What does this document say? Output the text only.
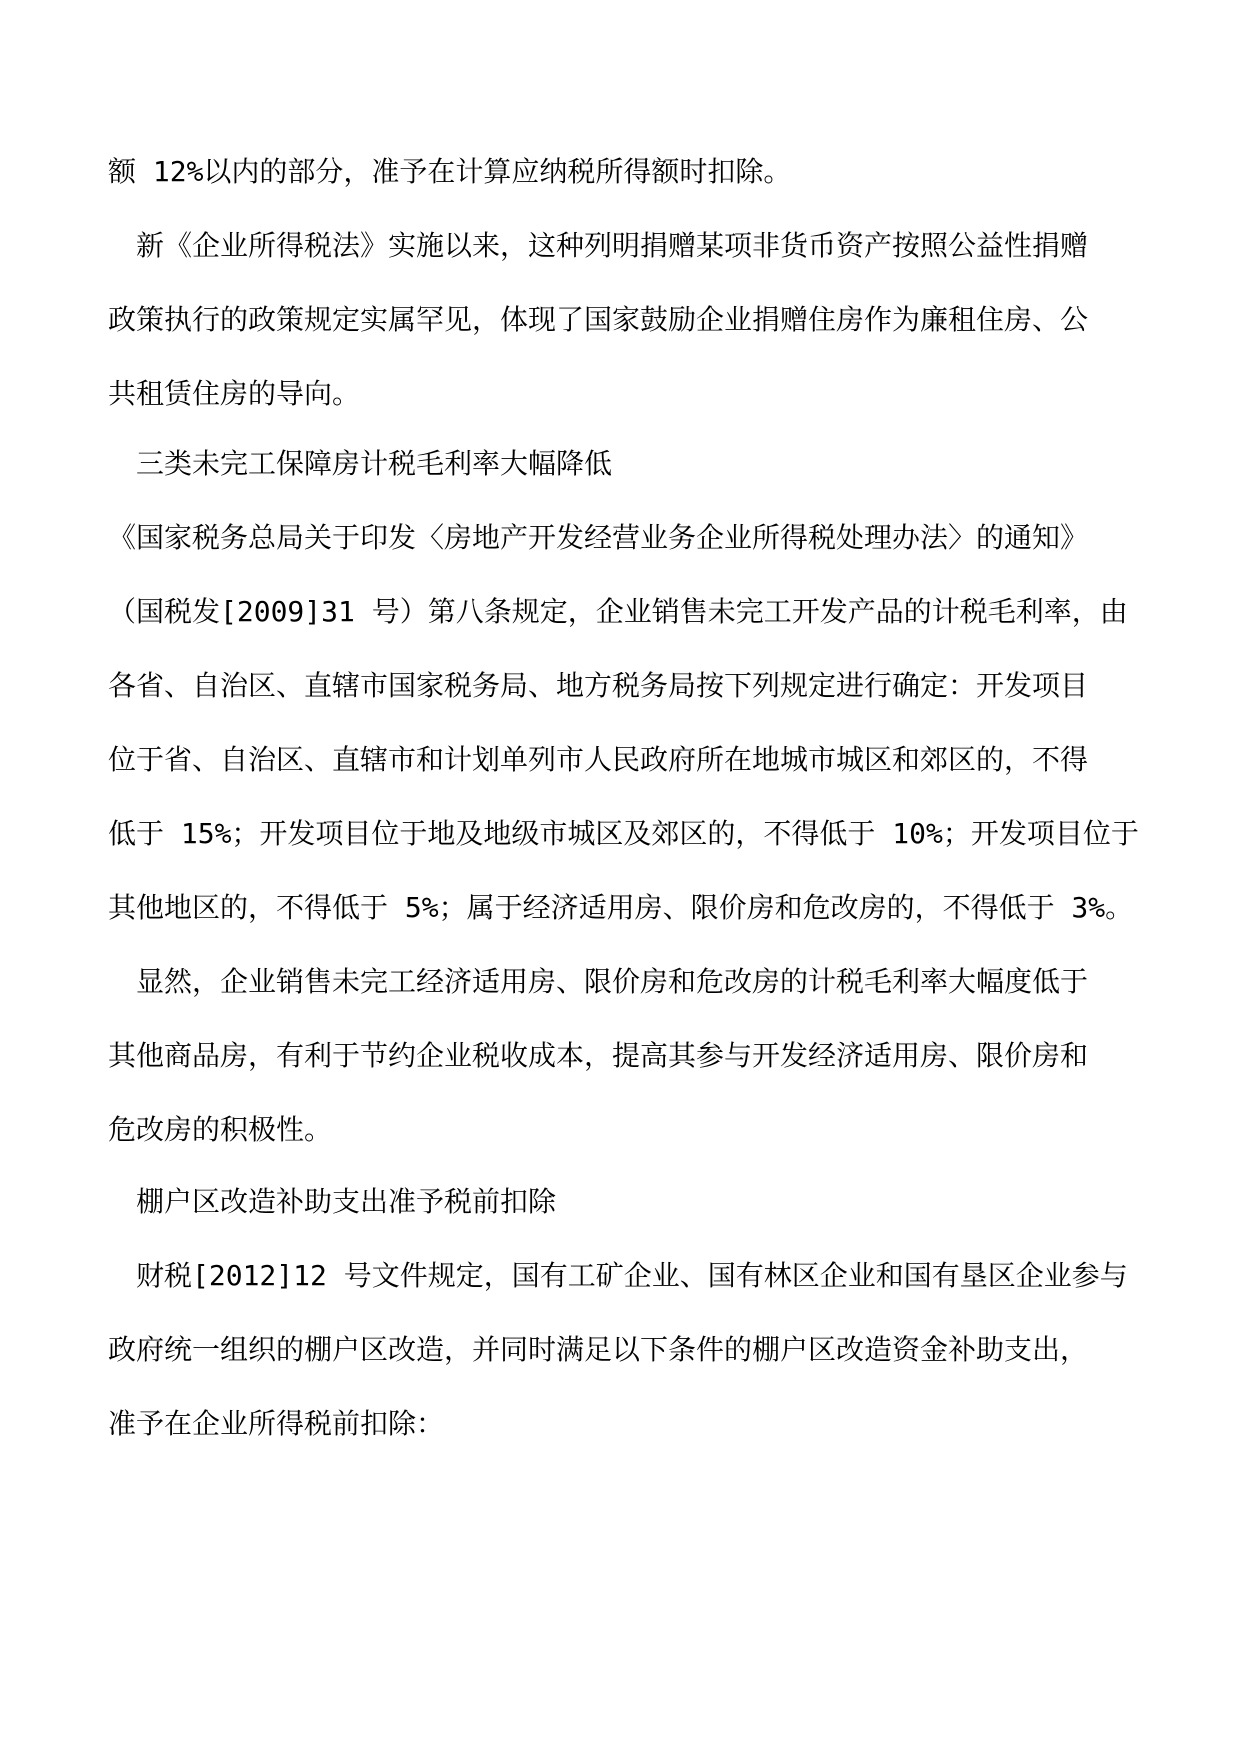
额 12%以内的部分，准予在计算应纳税所得额时扣除。
新《企业所得税法》实施以来，这种列明捐赠某项非货币资产按照公益性捐赠
政策执行的政策规定实属罕见，体现了国家鼓励企业捐赠住房作为廉租住房、公
共租赁住房的导向。
三类未完工保障房计税毛利率大幅降低
《国家税务总局关于印发〈房地产开发经营业务企业所得税处理办法〉的通知》
（国税发[2009]31 号）第八条规定，企业销售未完工开发产品的计税毛利率，由
各省、自治区、直辖市国家税务局、地方税务局按下列规定进行确定：开发项目
位于省、自治区、直辖市和计划单列市人民政府所在地城市城区和郊区的，不得
低于 15%；开发项目位于地及地级市城区及郊区的，不得低于 10%；开发项目位于
其他地区的，不得低于 5%；属于经济适用房、限价房和危改房的，不得低于 3%。
显然，企业销售未完工经济适用房、限价房和危改房的计税毛利率大幅度低于
其他商品房，有利于节约企业税收成本，提高其参与开发经济适用房、限价房和
危改房的积极性。
棚户区改造补助支出准予税前扣除
财税[2012]12 号文件规定，国有工矿企业、国有林区企业和国有垦区企业参与
政府统一组织的棚户区改造，并同时满足以下条件的棚户区改造资金补助支出，
准予在企业所得税前扣除：
